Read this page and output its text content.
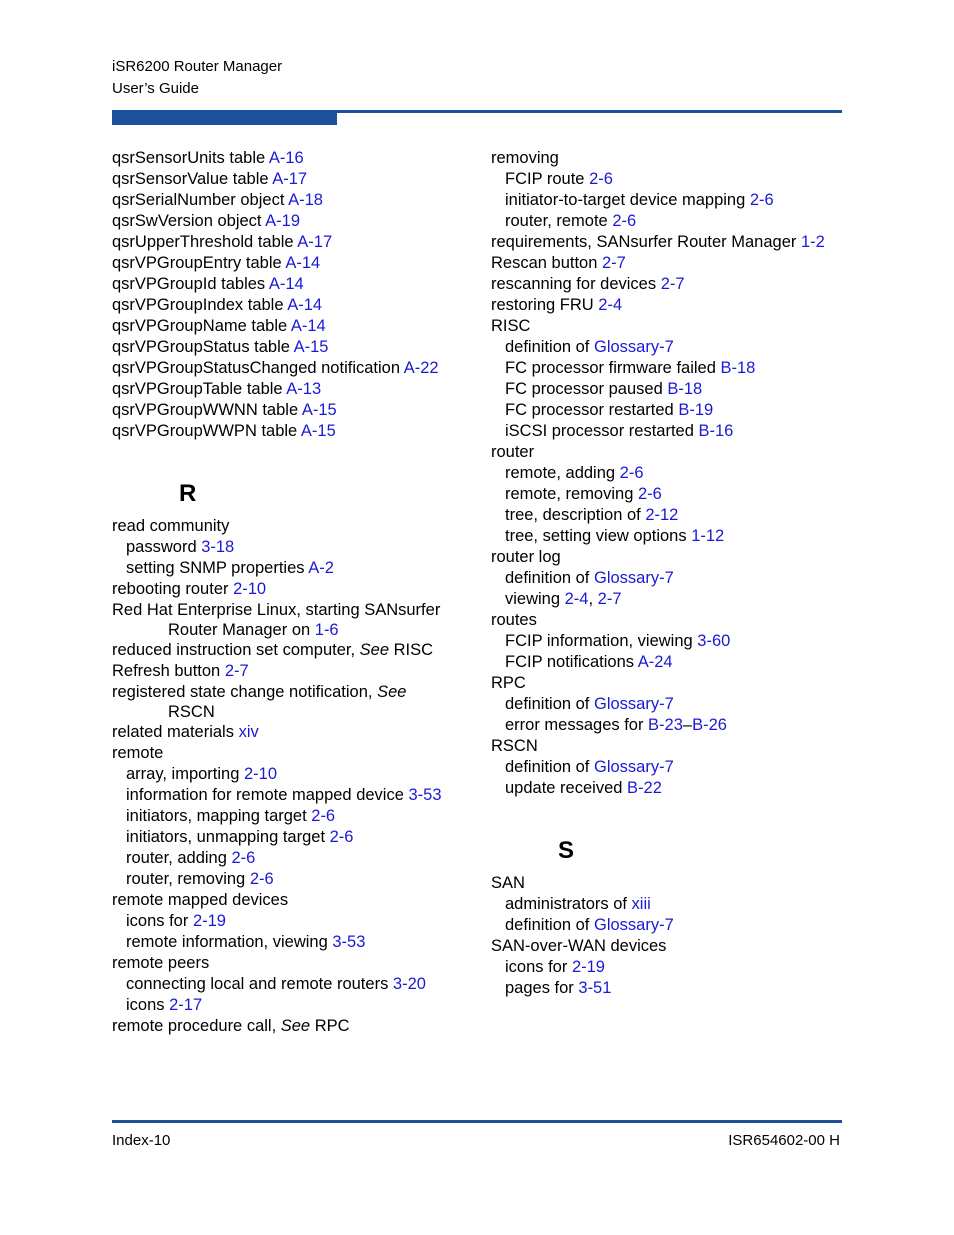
iSR6200 Router Manager
User’s Guide
qsrSensorUnits table A-16
qsrSensorValue table A-17
qsrSerialNumber object A-18
qsrSwVersion object A-19
qsrUpperThreshold table A-17
qsrVPGroupEntry table A-14
qsrVPGroupId tables A-14
qsrVPGroupIndex table A-14
qsrVPGroupName table A-14
qsrVPGroupStatus table A-15
qsrVPGroupStatusChanged notification A-22
qsrVPGroupTable table A-13
qsrVPGroupWWNN table A-15
qsrVPGroupWWPN table A-15
R
read community
password 3-18
setting SNMP properties A-2
rebooting router 2-10
Red Hat Enterprise Linux, starting SANsurfer
Router Manager on 1-6
reduced instruction set computer, See RISC
Refresh button 2-7
registered state change notification, See
RSCN
related materials xiv
remote
array, importing 2-10
information for remote mapped device 3-53
initiators, mapping target 2-6
initiators, unmapping target 2-6
router, adding 2-6
router, removing 2-6
remote mapped devices
icons for 2-19
remote information, viewing 3-53
remote peers
connecting local and remote routers 3-20
icons 2-17
remote procedure call, See RPC
removing
FCIP route 2-6
initiator-to-target device mapping 2-6
router, remote 2-6
requirements, SANsurfer Router Manager 1-2
Rescan button 2-7
rescanning for devices 2-7
restoring FRU 2-4
RISC
definition of Glossary-7
FC processor firmware failed B-18
FC processor paused B-18
FC processor restarted B-19
iSCSI processor restarted B-16
router
remote, adding 2-6
remote, removing 2-6
tree, description of 2-12
tree, setting view options 1-12
router log
definition of Glossary-7
viewing 2-4, 2-7
routes
FCIP information, viewing 3-60
FCIP notifications A-24
RPC
definition of Glossary-7
error messages for B-23–B-26
RSCN
definition of Glossary-7
update received B-22
S
SAN
administrators of xiii
definition of Glossary-7
SAN-over-WAN devices
icons for 2-19
pages for 3-51
Index-10	ISR654602-00 H
